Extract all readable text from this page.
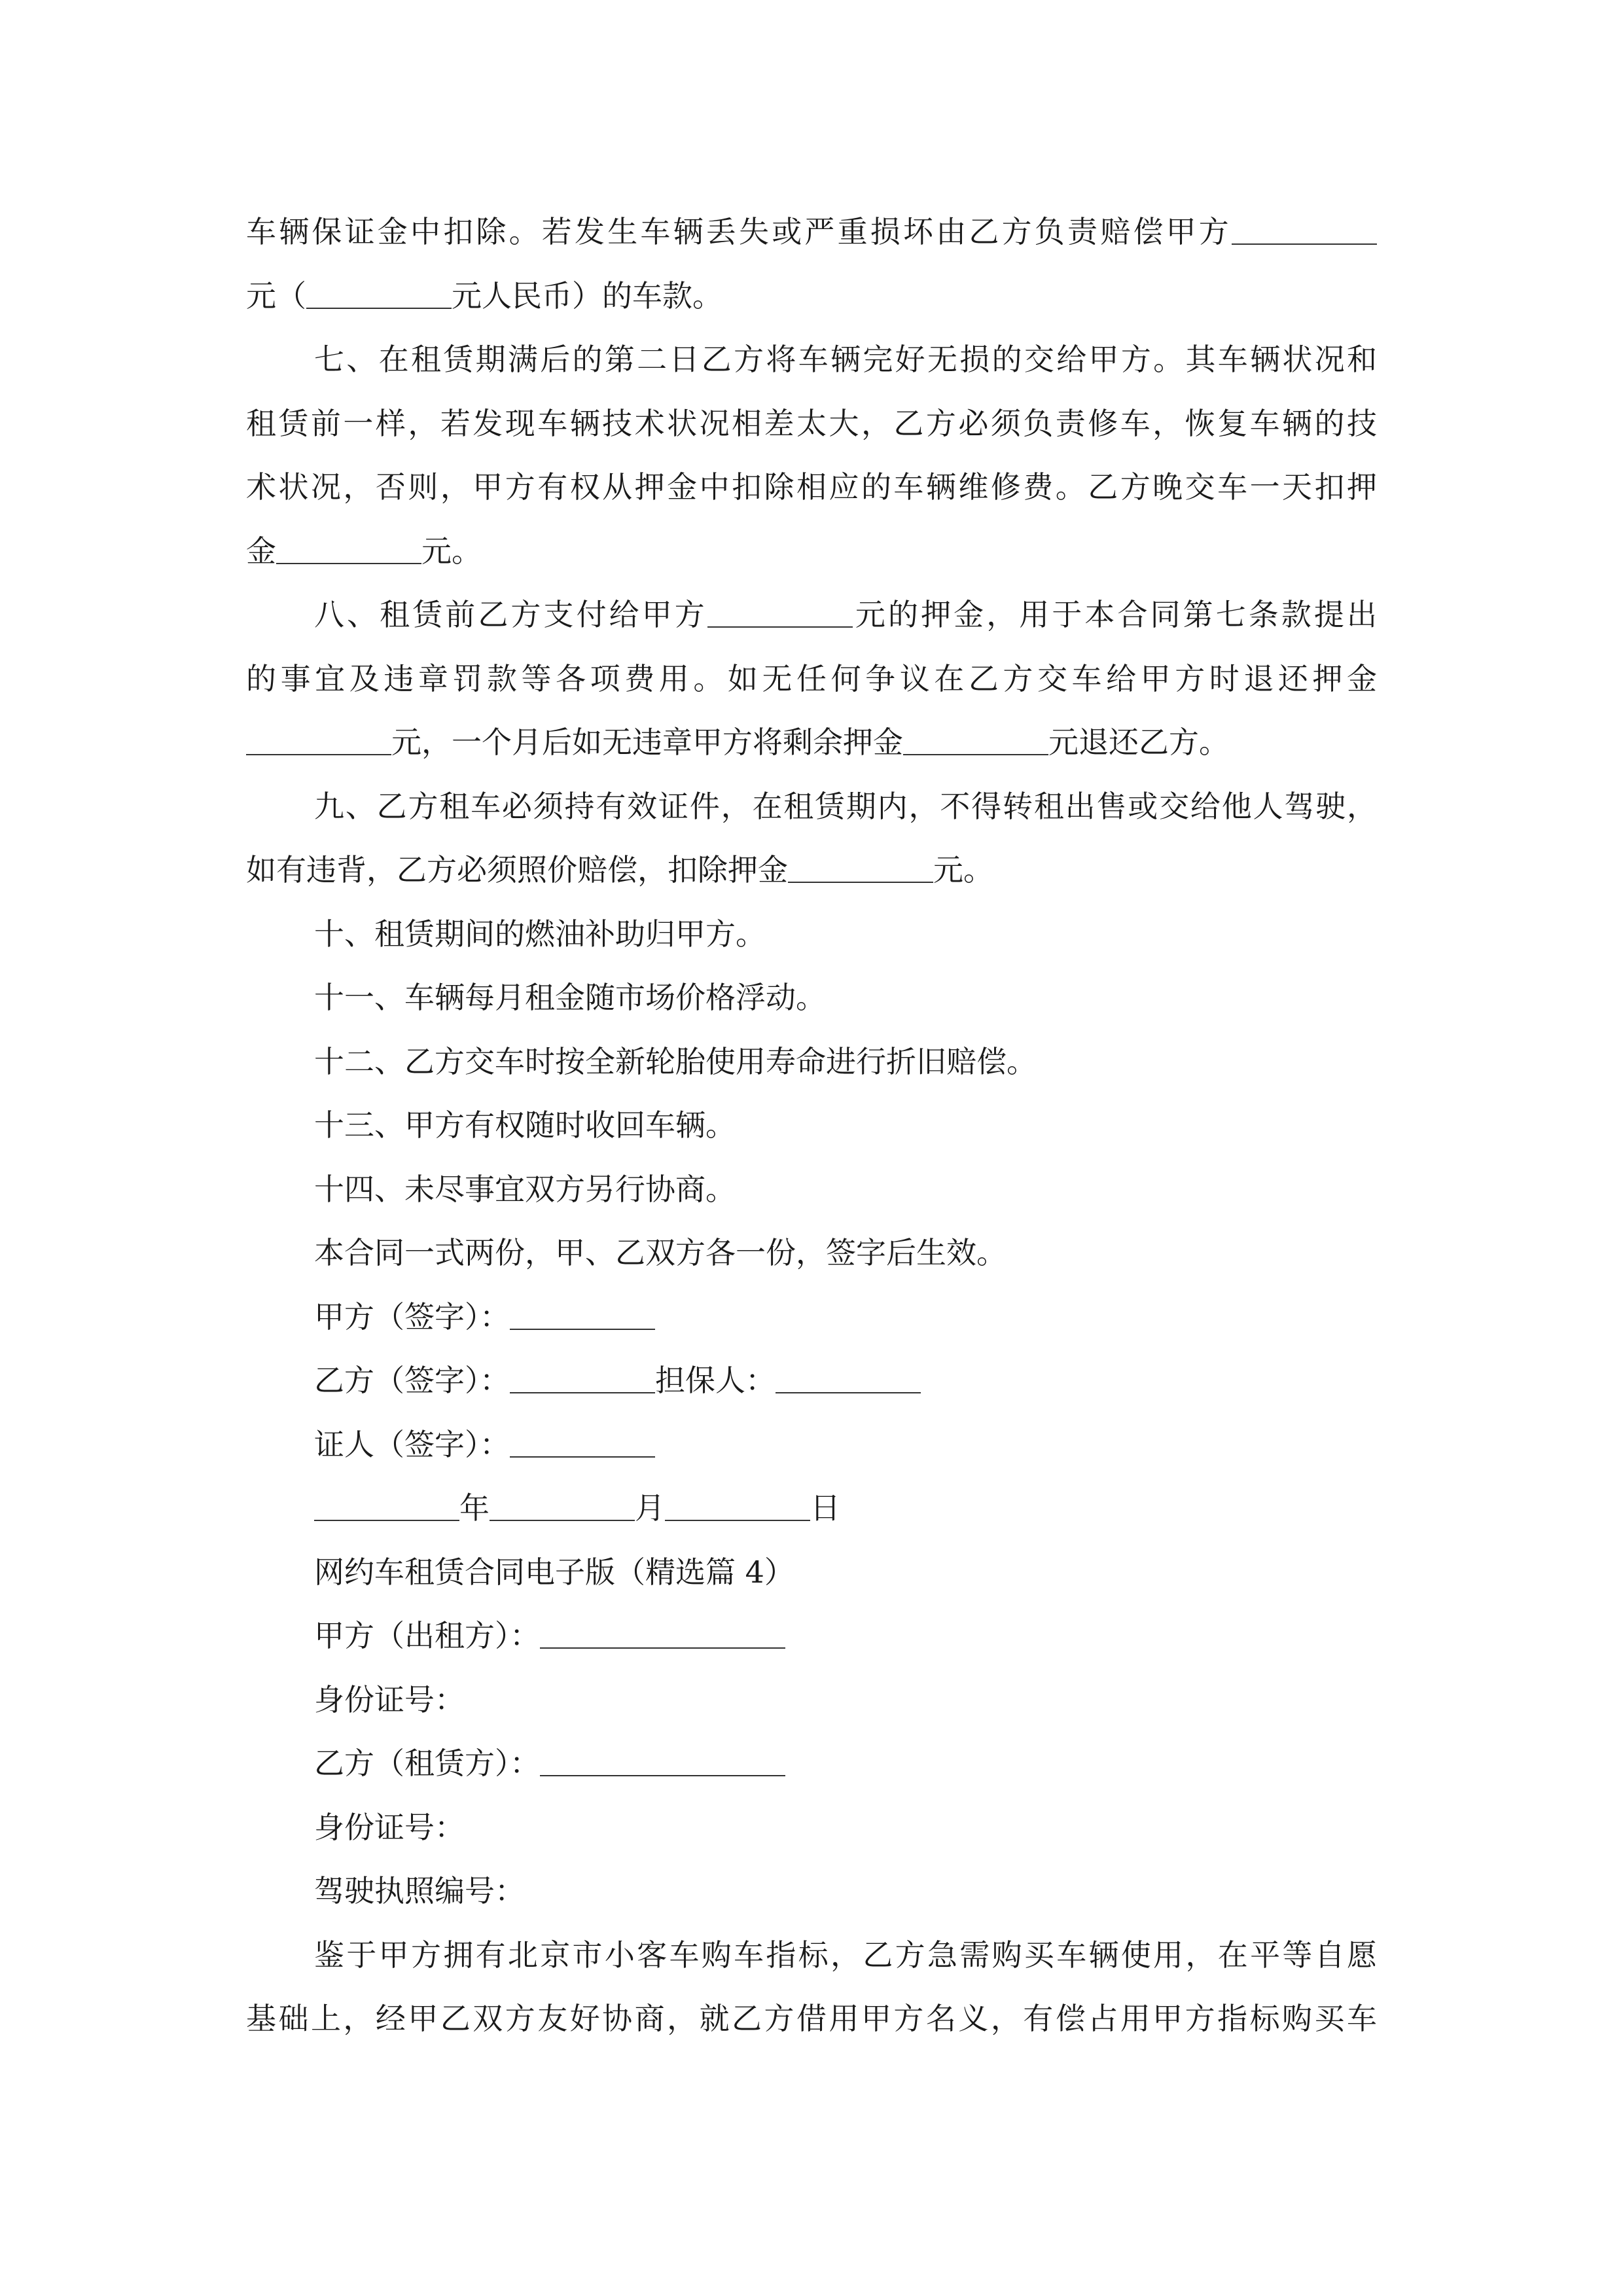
车辆保证金中扣除。若发生车辆丢失或严重损坏由乙方负责赔偿甲方

元（	元人民币）的车款。

七、在租赁期满后的第二日乙方将车辆完好无损的交给甲方。其车辆状况和

租赁前一样，若发现车辆技术状况相差太大，乙方必须负责修车，恢复车辆的技

术状况，否则，甲方有权从押金中扣除相应的车辆维修费。乙方晚交车一天扣押

金	元。

八、租赁前乙方支付给甲方	元的押金，用于本合同第七条款提出

的事宜及违章罚款等各项费用。如无任何争议在乙方交车给甲方时退还押金

元，一个月后如无违章甲方将剩余押金	元退还乙方。

九、乙方租车必须持有效证件，在租赁期内，不得转租出售或交给他人驾驶，

如有违背，乙方必须照价赔偿，扣除押金	元。

十、租赁期间的燃油补助归甲方。

十一、车辆每月租金随市场价格浮动。

十二、乙方交车时按全新轮胎使用寿命进行折旧赔偿。

十三、甲方有权随时收回车辆。

十四、未尽事宜双方另行协商。

本合同一式两份，甲、乙双方各一份，签字后生效。

甲方（签字）：

乙方（签字）：	担保人：

证人（签字）：

年	月	日

网约车租赁合同电子版（精选篇 4）

甲方（出租方）：

身份证号：

乙方（租赁方）：

身份证号：

驾驶执照编号：

鉴于甲方拥有北京市小客车购车指标，乙方急需购买车辆使用，在平等自愿

基础上，经甲乙双方友好协商，就乙方借用甲方名义，有偿占用甲方指标购买车
